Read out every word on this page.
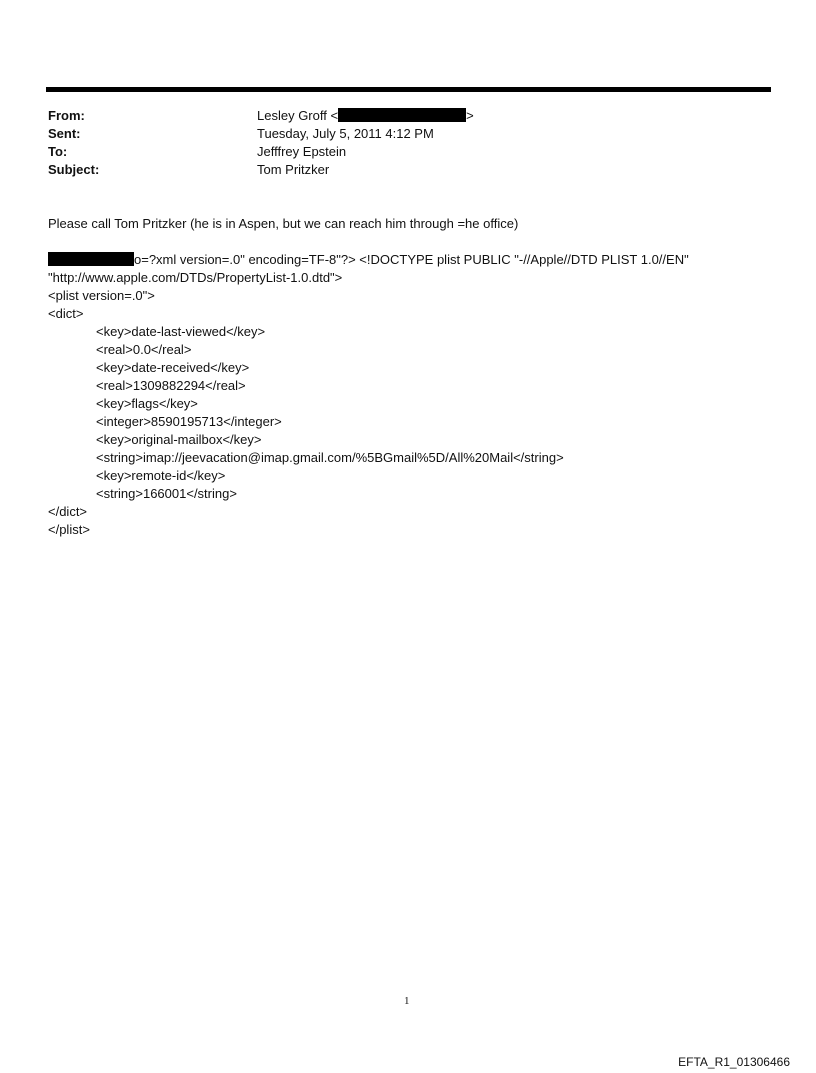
From:	Lesley Groff <	>
Sent:	Tuesday, July 5, 2011 4:12 PM
To:	Jefffrey Epstein
Subject:	Tom Pritzker
Please call Tom Pritzker (he is in Aspen, but we can reach him through =he office)
o=?xml version=.0" encoding=TF-8"?> <!DOCTYPE plist PUBLIC "-//Apple//DTD PLIST 1.0//EN"
"http://www.apple.com/DTDs/PropertyList-1.0.dtd">
<plist version=.0">
<dict>
<key>date-last-viewed</key>
<real>0.0</real>
<key>date-received</key>
<real>1309882294</real>
<key>flags</key>
<integer>8590195713</integer>
<key>original-mailbox</key>
<string>imap://jeevacation@imap.gmail.com/%5BGmail%5D/All%20Mail</string>
<key>remote-id</key>
<string>166001</string>
</dict>
</plist>
1
EFTA_R1_01306466
